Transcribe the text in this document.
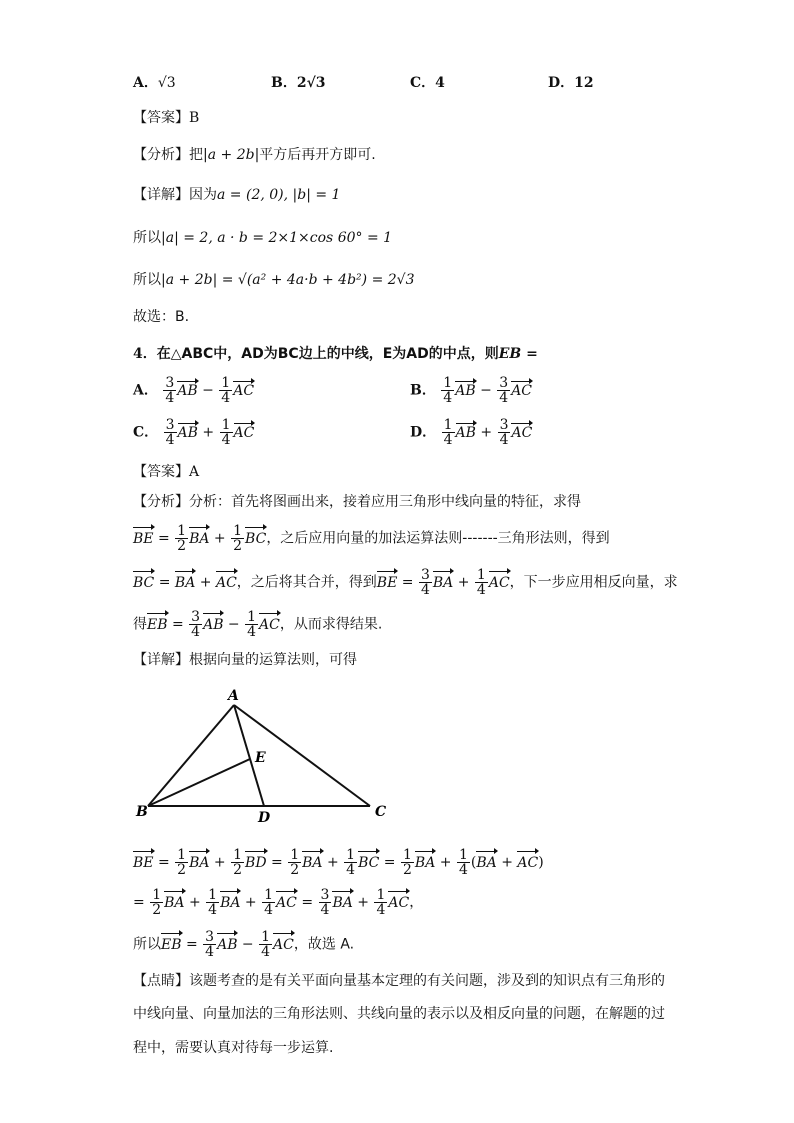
A．√3	B．2√3	C．4	D．12
【答案】B
【分析】把|a + 2b|平方后再开方即可.
【详解】因为a = (2, 0), |b| = 1
所以|a| = 2, a · b = 2×1×cos 60° = 1
所以|a + 2b| = √(a² + 4a·b + 4b²) = 2√3
故选：B.
4．在△ABC中，AD为BC边上的中线，E为AD的中点，则EB =
A． $\frac{3}{4}$ AB − $\frac{1}{4}$ AC	B． $\frac{1}{4}$ AB − $\frac{3}{4}$ AC
C． $\frac{3}{4}$ AB + $\frac{1}{4}$ AC	D． $\frac{1}{4}$ AB + $\frac{3}{4}$ AC
【答案】A
【分析】分析：首先将图画出来，接着应用三角形中线向量的特征，求得
BE = $\frac{1}{2}$ BA + $\frac{1}{2}$ BC，之后应用向量的加法运算法则-------三角形法则，得到
BC = BA + AC，之后将其合并，得到BE = $\frac{3}{4}$ BA + $\frac{1}{4}$ AC，下一步应用相反向量，求
得EB = $\frac{3}{4}$ AB − $\frac{1}{4}$ AC，从而求得结果.
【详解】根据向量的运算法则，可得
A
B	C
D
E
BE = $\frac{1}{2}$ BA + $\frac{1}{2}$ BD = $\frac{1}{2}$ BA + $\frac{1}{4}$ BC = $\frac{1}{2}$ BA + $\frac{1}{4} (BA + AC)$
= $\frac{1}{2}$ BA + $\frac{1}{4}$ BA + $\frac{1}{4}$ AC = $\frac{3}{4}$ BA + $\frac{1}{4}$ AC，
所以EB = $\frac{3}{4}$ AB − $\frac{1}{4}$ AC，故选 A.
【点睛】该题考查的是有关平面向量基本定理的有关问题，涉及到的知识点有三角形的
中线向量、向量加法的三角形法则、共线向量的表示以及相反向量的问题，在解题的过
程中，需要认真对待每一步运算.
